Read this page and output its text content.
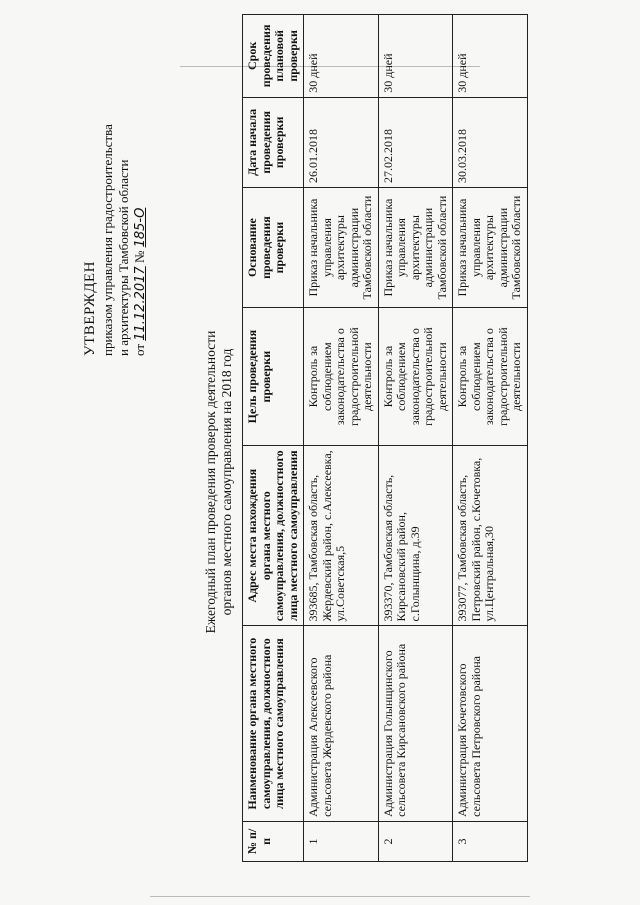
УТВЕРЖДЕН приказом управления градостроительства и архитектуры Тамбовской области от 11.12.2017 № 185-О
Ежегодный план проведения проверок деятельности органов местного самоуправления на 2018 год
№ п/п	Наименование органа местного самоуправления, должностного лица местного самоуправления	Адрес места нахождения органа местного самоуправления, должностного лица местного самоуправления	Цель проведения проверки	Основание проведения проверки	Дата начала проведения проверки	Срок проведения плановой проверки
1	Администрация Алексеевского сельсовета Жердевского района	393685, Тамбовская область, Жердевский район, с.Алексеевка, ул.Советская,5	Контроль за соблюдением законодательства о градостроительной деятельности	Приказ начальника управления архитектуры администрации Тамбовской области	26.01.2018	30 дней
2	Администрация Голынщинского сельсовета Кирсановского района	393370, Тамбовская область, Кирсановский район, с.Голынщина, д.39	Контроль за соблюдением законодательства о градостроительной деятельности	Приказ начальника управления архитектуры администрации Тамбовской области	27.02.2018	30 дней
3	Администрация Кочетовского сельсовета Петровского района	393077, Тамбовская область, Петровский район, с.Кочетовка, ул.Центральная,30	Контроль за соблюдением законодательства о градостроительной деятельности	Приказ начальника управления архитектуры администрации Тамбовской области	30.03.2018	30 дней
